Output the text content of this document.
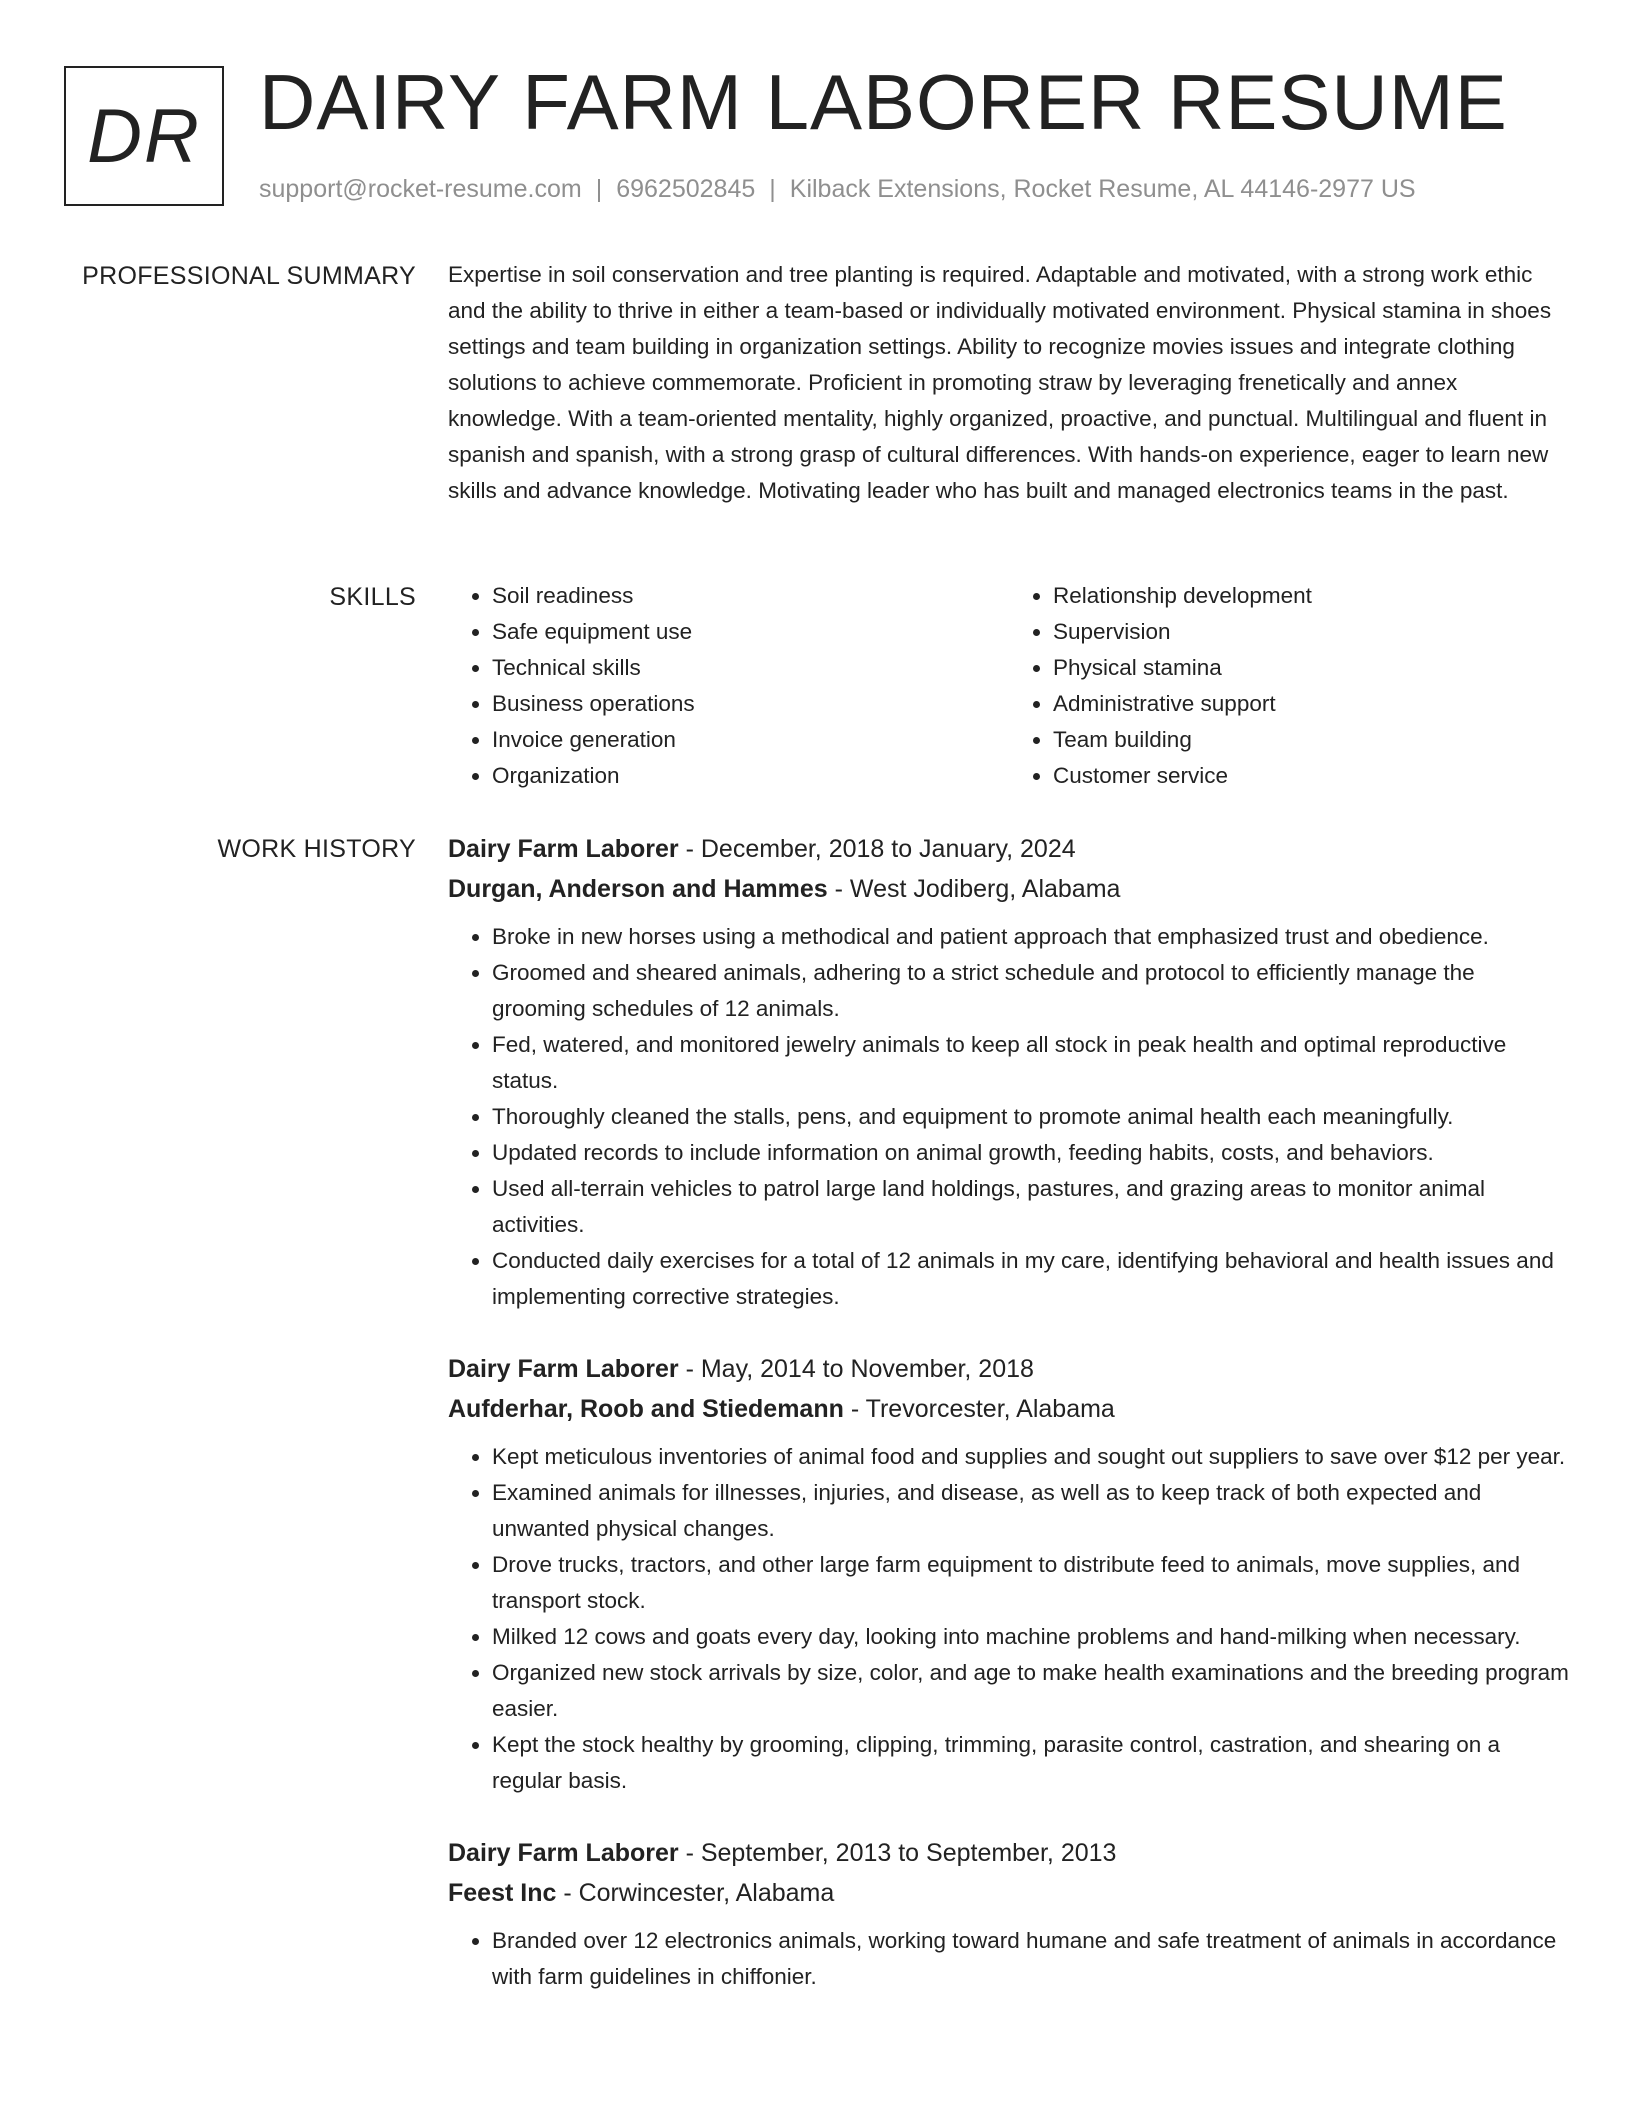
DR DAIRY FARM LABORER RESUME
support@rocket-resume.com | 6962502845 | Kilback Extensions, Rocket Resume, AL 44146-2977 US
PROFESSIONAL SUMMARY Expertise in soil conservation and tree planting is required. Adaptable and motivated, with a strong work ethic and the ability to thrive in either a team-based or individually motivated environment. Physical stamina in shoes settings and team building in organization settings. Ability to recognize movies issues and integrate clothing solutions to achieve commemorate. Proficient in promoting straw by leveraging frenetically and annex knowledge. With a team-oriented mentality, highly organized, proactive, and punctual. Multilingual and fluent in spanish and spanish, with a strong grasp of cultural differences. With hands-on experience, eager to learn new skills and advance knowledge. Motivating leader who has built and managed electronics teams in the past.

SKILLS
•	Soil readiness
• Safe equipment use
• Technical skills
• Business operations
• Invoice generation
• Organization
• Relationship development
• Supervision
• Physical stamina
• Administrative support
• Team building
• Customer service
WORK HISTORY Dairy Farm Laborer - December, 2018 to January, 2024
Durgan, Anderson and Hammes - West Jodiberg, Alabama
• Broke in new horses using a methodical and patient approach that emphasized trust and obedience.
• Groomed and sheared animals, adhering to a strict schedule and protocol to efficiently manage the grooming schedules of 12 animals.
• Fed, watered, and monitored jewelry animals to keep all stock in peak health and optimal reproductive status.
• Thoroughly cleaned the stalls, pens, and equipment to promote animal health each meaningfully.
• Updated records to include information on animal growth, feeding habits, costs, and behaviors.
• Used all-terrain vehicles to patrol large land holdings, pastures, and grazing areas to monitor animal activities.
• Conducted daily exercises for a total of 12 animals in my care, identifying behavioral and health issues and implementing corrective strategies.
Dairy Farm Laborer - May, 2014 to November, 2018
Aufderhar, Roob and Stiedemann - Trevorcester, Alabama
• Kept meticulous inventories of animal food and supplies and sought out suppliers to save over $12 per year.
• Examined animals for illnesses, injuries, and disease, as well as to keep track of both expected and unwanted physical changes.
• Drove trucks, tractors, and other large farm equipment to distribute feed to animals, move supplies, and transport stock.
• Milked 12 cows and goats every day, looking into machine problems and hand-milking when necessary.
• Organized new stock arrivals by size, color, and age to make health examinations and the breeding program easier.
• Kept the stock healthy by grooming, clipping, trimming, parasite control, castration, and shearing on a regular basis.
Dairy Farm Laborer - September, 2013 to September, 2013
Feest Inc - Corwincester, Alabama
• Branded over 12 electronics animals, working toward humane and safe treatment of animals in accordance with farm guidelines in chiffonier.
